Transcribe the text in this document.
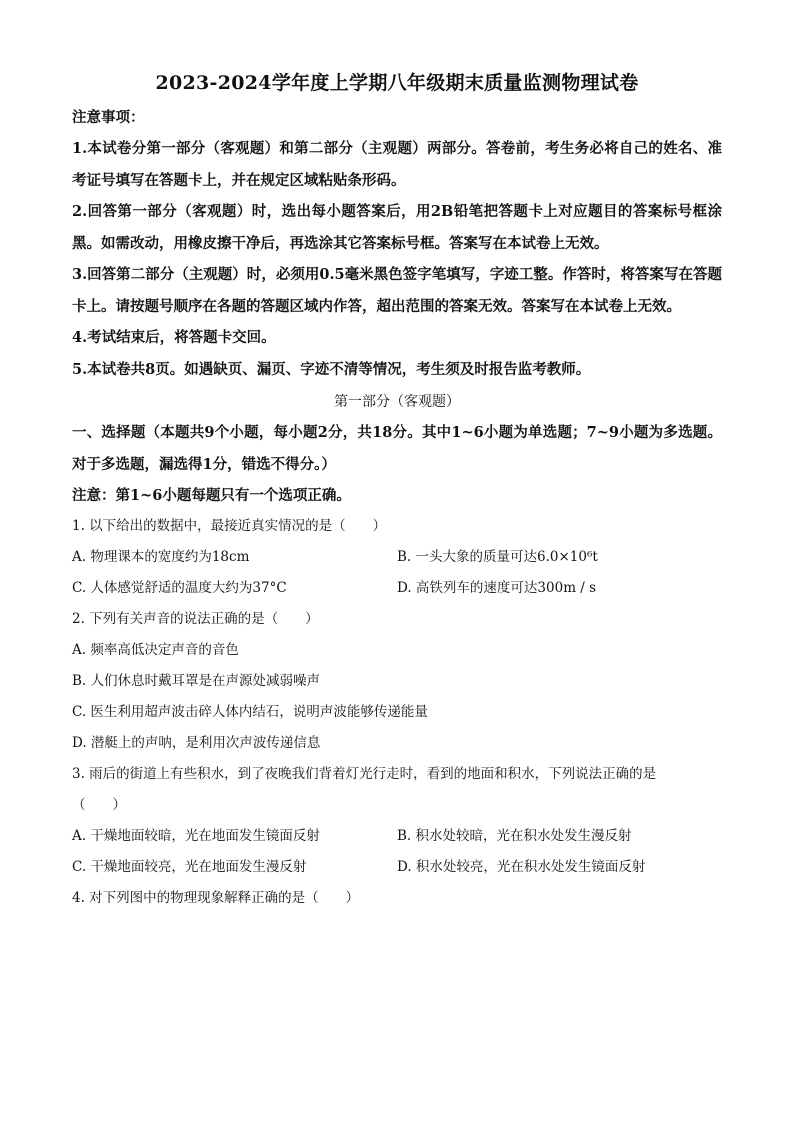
2023-2024学年度上学期八年级期末质量监测物理试卷

注意事项：

1.本试卷分第一部分（客观题）和第二部分（主观题）两部分。答卷前，考生务必将自己的姓名、准考证号填写在答题卡上，并在规定区域粘贴条形码。

2.回答第一部分（客观题）时，选出每小题答案后，用2B铅笔把答题卡上对应题目的答案标号框涂黑。如需改动，用橡皮擦干净后，再选涂其它答案标号框。答案写在本试卷上无效。

3.回答第二部分（主观题）时，必须用0.5毫米黑色签字笔填写，字迹工整。作答时，将答案写在答题卡上。请按题号顺序在各题的答题区域内作答，超出范围的答案无效。答案写在本试卷上无效。

4.考试结束后，将答题卡交回。

5.本试卷共8页。如遇缺页、漏页、字迹不清等情况，考生须及时报告监考教师。

第一部分（客观题）

一、选择题（本题共9个小题，每小题2分，共18分。其中1~6小题为单选题；7~9小题为多选题。对于多选题，漏选得1分，错选不得分。）

注意：第1~6小题每题只有一个选项正确。

1. 以下给出的数据中，最接近真实情况的是（　　）

A. 物理课本的宽度约为18cm	B. 一头大象的质量可达6.0×10⁶t
C. 人体感觉舒适的温度大约为37°C	D. 高铁列车的速度可达300m / s

2. 下列有关声音的说法正确的是（　　）

A. 频率高低决定声音的音色

B. 人们休息时戴耳罩是在声源处减弱噪声

C. 医生利用超声波击碎人体内结石，说明声波能够传递能量

D. 潜艇上的声呐，是利用次声波传递信息

3. 雨后的街道上有些积水，到了夜晚我们背着灯光行走时，看到的地面和积水，下列说法正确的是

（　　）

A. 干燥地面较暗，光在地面发生镜面反射	B. 积水处较暗，光在积水处发生漫反射
C. 干燥地面较亮，光在地面发生漫反射	D. 积水处较亮，光在积水处发生镜面反射

4. 对下列图中的物理现象解释正确的是（　　）
